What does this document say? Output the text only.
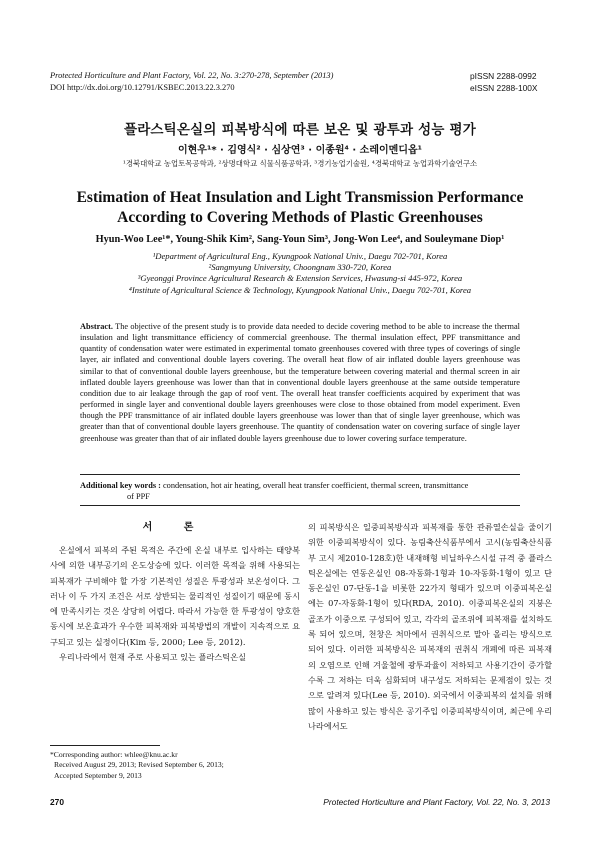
Protected Horticulture and Plant Factory, Vol. 22, No. 3:270-278, September (2013)
DOI http://dx.doi.org/10.12791/KSBEC.2013.22.3.270
pISSN 2288-0992
eISSN 2288-100X
플라스틱온실의 피복방식에 따른 보온 및 광투과 성능 평가
이현우¹* · 김영식² · 심상연³ · 이종원⁴ · 소레이멘디옵¹
¹경북대학교 농업토목공학과, ²상명대학교 식물식품공학과, ³경기농업기술원, ⁴경북대학교 농업과학기술연구소
Estimation of Heat Insulation and Light Transmission Performance
According to Covering Methods of Plastic Greenhouses
Hyun-Woo Lee¹*, Young-Shik Kim², Sang-Youn Sim³, Jong-Won Lee⁴, and Souleymane Diop¹
¹Department of Agricultural Eng., Kyungpook National Univ., Daegu 702-701, Korea
²Sangmyung University, Choongnam 330-720, Korea
³Gyeonggi Province Agricultural Research & Extension Services, Hwasung-si 445-972, Korea
⁴Institute of Agricultural Science & Technology, Kyungpook National Univ., Daegu 702-701, Korea
Abstract. The objective of the present study is to provide data needed to decide covering method to be able to increase the thermal insulation and light transmittance efficiency of commercial greenhouse. The thermal insulation effect, PPF transmittance and quantity of condensation water were estimated in experimental tomato greenhouses covered with three types of coverings of single layer, air inflated and conventional double layers covering. The overall heat flow of air inflated double layers greenhouse was similar to that of conventional double layers greenhouse, but the temperature between covering material and thermal screen in air inflated double layers greenhouse was lower than that in conventional double layers greenhouse at the same outside temperature condition due to air leakage through the gap of roof vent. The overall heat transfer coefficients acquired by experiment that was performed in single layer and conventional double layers greenhouses were close to those obtained from model experiment. Even though the PPF transmittance of air inflated double layers greenhouse was lower than that of single layer greenhouse, which was greater than that of conventional double layers greenhouse. The quantity of condensation water on covering surface of single layer greenhouse was greater than that of air inflated double layers greenhouse due to lower covering surface temperature.
Additional key words : condensation, hot air heating, overall heat transfer coefficient, thermal screen, transmittance
of PPF

서 론

온실에서 피복의 주된 목적은 주간에 온실 내부로 입사하는 태양복사에 의한 내부공기의 온도상승에 있다. 이러한 목적을 위해 사용되는 피복재가 구비해야 할 가장 기본적인 성질은 투광성과 보온성이다. 그러나 이 두 가지 조건은 서로 상반되는 물리적인 성질이기 때문에 동시에 만족시키는 것은 상당히 어렵다. 따라서 가능한 한 투광성이 양호한 동시에 보온효과가 우수한 피복재와 피복방법의 개발이 지속적으로 요구되고 있는 실정이다(Kim 등, 2000; Lee 등, 2012).

우리나라에서 현재 주로 사용되고 있는 플라스틱온실

의 피복방식은 일중피복방식과 피복재를 통한 관류열손실을 줄이기 위한 이중피복방식이 있다. 농림축산식품부에서 고시(농림축산식품부 고시 제2010-128호)한 내재해형 비닐하우스시설 규격 중 플라스틱온실에는 연동온실인 08-자동화-1형과 10-자동화-1형이 있고 단동온실인 07-단동-1을 비롯한 22가지 형태가 있으며 이중피복온실에는 07-자동화-1형이 있다(RDA, 2010). 이중피복온실의 지붕은 골조가 이중으로 구성되어 있고, 각각의 골조위에 피복재를 설치하도록 되어 있으며, 천창은 처마에서 권취식으로 말아 올리는 방식으로 되어 있다. 이러한 피복방식은 피복재의 권취식 개폐에 따른 피복재의 오염으로 인해 겨울철에 광투과율이 저하되고 사용기간이 증가할수록 그 저하는 더욱 심화되며 내구성도 저하되는 문제점이 있는 것으로 알려져 있다(Lee 등, 2010). 외국에서 이중피복의 설치를 위해 많이 사용하고 있는 방식은 공기주입 이중피복방식이며, 최근에 우리나라에서도

*Corresponding author: whlee@knu.ac.kr
Received August 29, 2013; Revised September 6, 2013;
Accepted September 9, 2013
270	Protected Horticulture and Plant Factory, Vol. 22, No. 3, 2013
